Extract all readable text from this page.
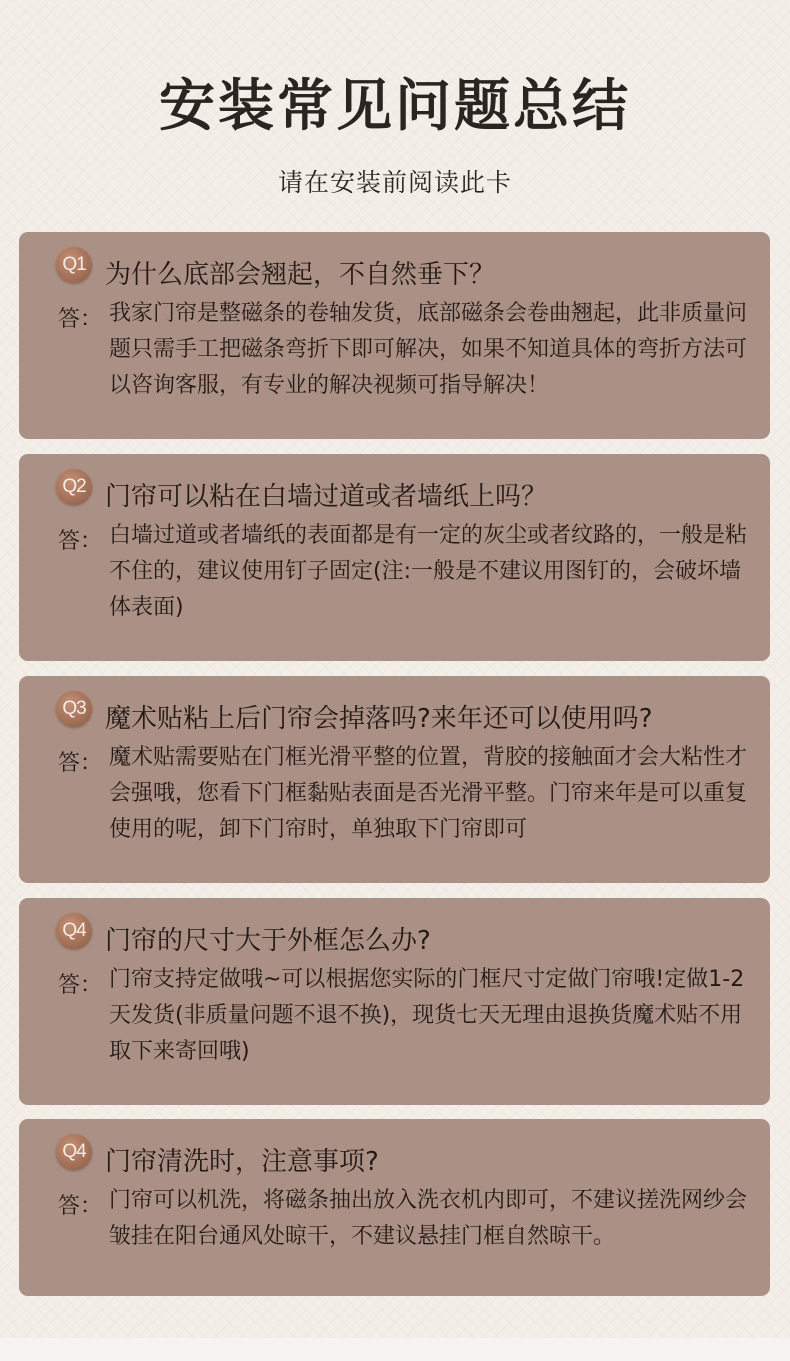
安装常见问题总结
请在安装前阅读此卡
Q1 为什么底部会翘起，不自然垂下？
答： 我家门帘是整磁条的卷轴发货，底部磁条会卷曲翘起，此非质量问题只需手工把磁条弯折下即可解决，如果不知道具体的弯折方法可以咨询客服，有专业的解决视频可指导解决！
Q2 门帘可以粘在白墙过道或者墙纸上吗？
答： 白墙过道或者墙纸的表面都是有一定的灰尘或者纹路的，一般是粘不住的，建议使用钉子固定(注:一般是不建议用图钉的，会破坏墙体表面)
Q3 魔术贴粘上后门帘会掉落吗?来年还可以使用吗?
答： 魔术贴需要贴在门框光滑平整的位置，背胶的接触面才会大粘性才会强哦，您看下门框黏贴表面是否光滑平整。门帘来年是可以重复使用的呢，卸下门帘时，单独取下门帘即可
Q4 门帘的尺寸大于外框怎么办?
答： 门帘支持定做哦~可以根据您实际的门框尺寸定做门帘哦!定做1-2天发货(非质量问题不退不换)，现货七天无理由退换货魔术贴不用取下来寄回哦)
Q4 门帘清洗时，注意事项?
答： 门帘可以机洗，将磁条抽出放入洗衣机内即可，不建议搓洗网纱会皱挂在阳台通风处晾干，不建议悬挂门框自然晾干。
